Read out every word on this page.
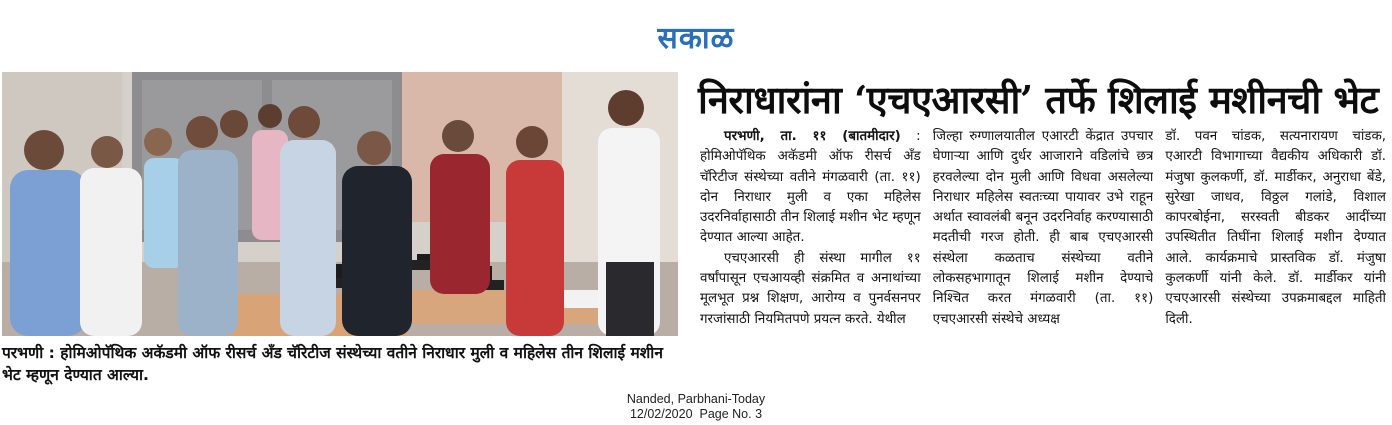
सकाळ
परभणी : होमिओपॅथिक अकॅडमी ऑफ रीसर्च अँड चॅरिटीज संस्थेच्या वतीने निराधार मुली व महिलेस तीन शिलाई मशीन भेट म्हणून देण्यात आल्या.
निराधारांना ‘एचएआरसी’ तर्फे शिलाई मशीनची भेट
परभणी, ता. ११ (बातमीदार) : होमिओपॅथिक अकॅडमी ऑफ रीसर्च अँड चॅरिटीज संस्थेच्या वतीने मंगळवारी (ता. ११) दोन निराधार मुली व एका महिलेस उदरनिर्वाहासाठी तीन शिलाई मशीन भेट म्हणून देण्यात आल्या आहेत.
एचएआरसी ही संस्था मागील ११ वर्षांपासून एचआयव्ही संक्रमित व अनाथांच्या मूलभूत प्रश्न शिक्षण, आरोग्य व पुनर्वसनपर गरजांसाठी नियमितपणे प्रयत्न करते. येथील
जिल्हा रुग्णालयातील एआरटी केंद्रात उपचार घेणाऱ्या आणि दुर्धर आजाराने वडिलांचे छत्र हरवलेल्या दोन मुली आणि विधवा असलेल्या निराधार महिलेस स्वतःच्या पायावर उभे राहून अर्थात स्वावलंबी बनून उदरनिर्वाह करण्यासाठी मदतीची गरज होती. ही बाब एचएआरसी संस्थेला कळताच संस्थेच्या वतीने लोकसहभागातून शिलाई मशीन देण्याचे निश्चित करत मंगळवारी (ता. ११) एचएआरसी संस्थेचे अध्यक्ष
डॉ. पवन चांडक, सत्यनारायण चांडक, एआरटी विभागाच्या वैद्यकीय अधिकारी डॉ. मंजुषा कुलकर्णी, डॉ. मार्डीकर, अनुराधा बेंडे, सुरेखा जाधव, विठ्ठल गलांडे, विशाल कापरबोईना, सरस्वती बीडकर आदींच्या उपस्थितीत तिघींना शिलाई मशीन देण्यात आले. कार्यक्रमाचे प्रास्तविक डॉ. मंजुषा कुलकर्णी यांनी केले. डॉ. मार्डीकर यांनी एचएआरसी संस्थेच्या उपक्रमाबद्दल माहिती दिली.
Nanded, Parbhani-Today
12/02/2020  Page No. 3
